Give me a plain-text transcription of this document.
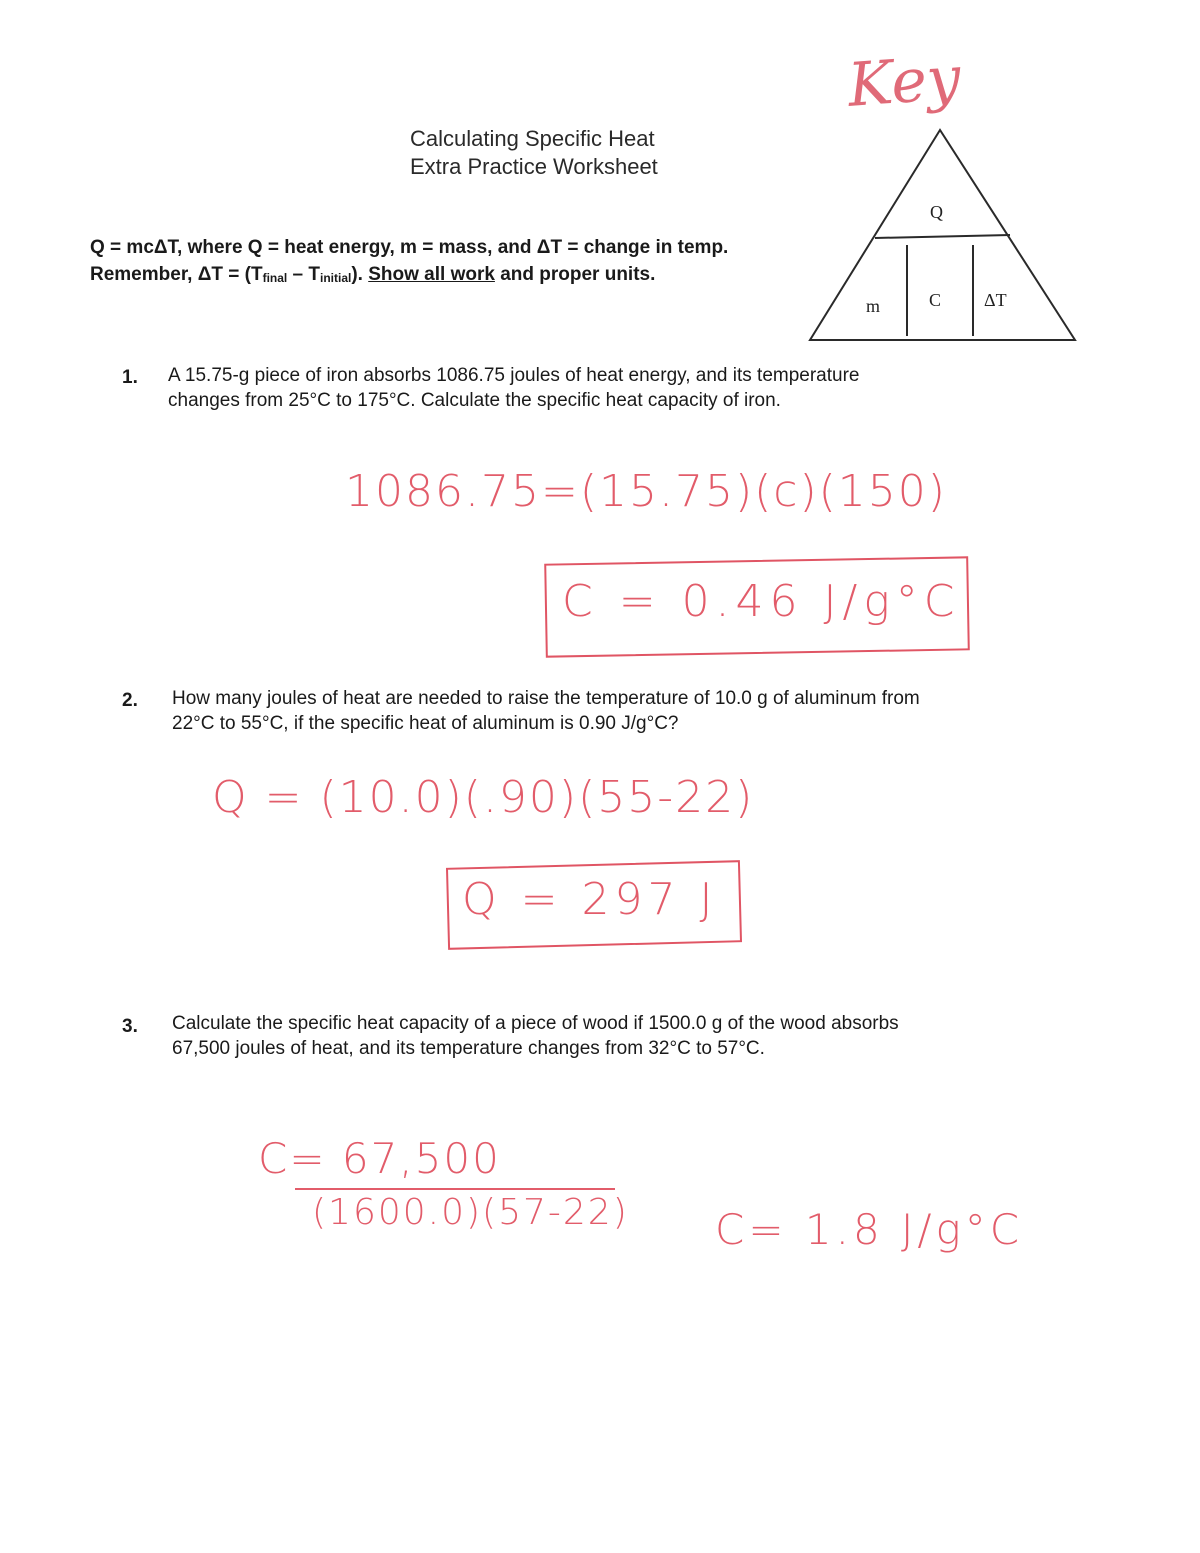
Calculating Specific Heat
Extra Practice Worksheet
Key
Q
m	C ΔT
Q = mcΔT, where Q = heat energy, m = mass, and ΔT = change in temp.
Remember, $\Delta T = (T_{final} - T_{initial})$. Show all work and proper units.
1. A 15.75-g piece of iron absorbs 1086.75 joules of heat energy, and its temperature
changes from 25°C to 175°C. Calculate the specific heat capacity of iron.
1086.75=(15.75)(c)(150)
C = 0.46 J/g°C
2. How many joules of heat are needed to raise the temperature of 10.0 g of aluminum from
22°C to 55°C, if the specific heat of aluminum is 0.90 J/g°C?
Q = (10.0)(.90)(55-22)
Q = 297 J
3. Calculate the specific heat capacity of a piece of wood if 1500.0 g of the wood absorbs
67,500 joules of heat, and its temperature changes from 32°C to 57°C.
C= 67,500
(1600.0)(57-22) C= 1.8 J/g°C
